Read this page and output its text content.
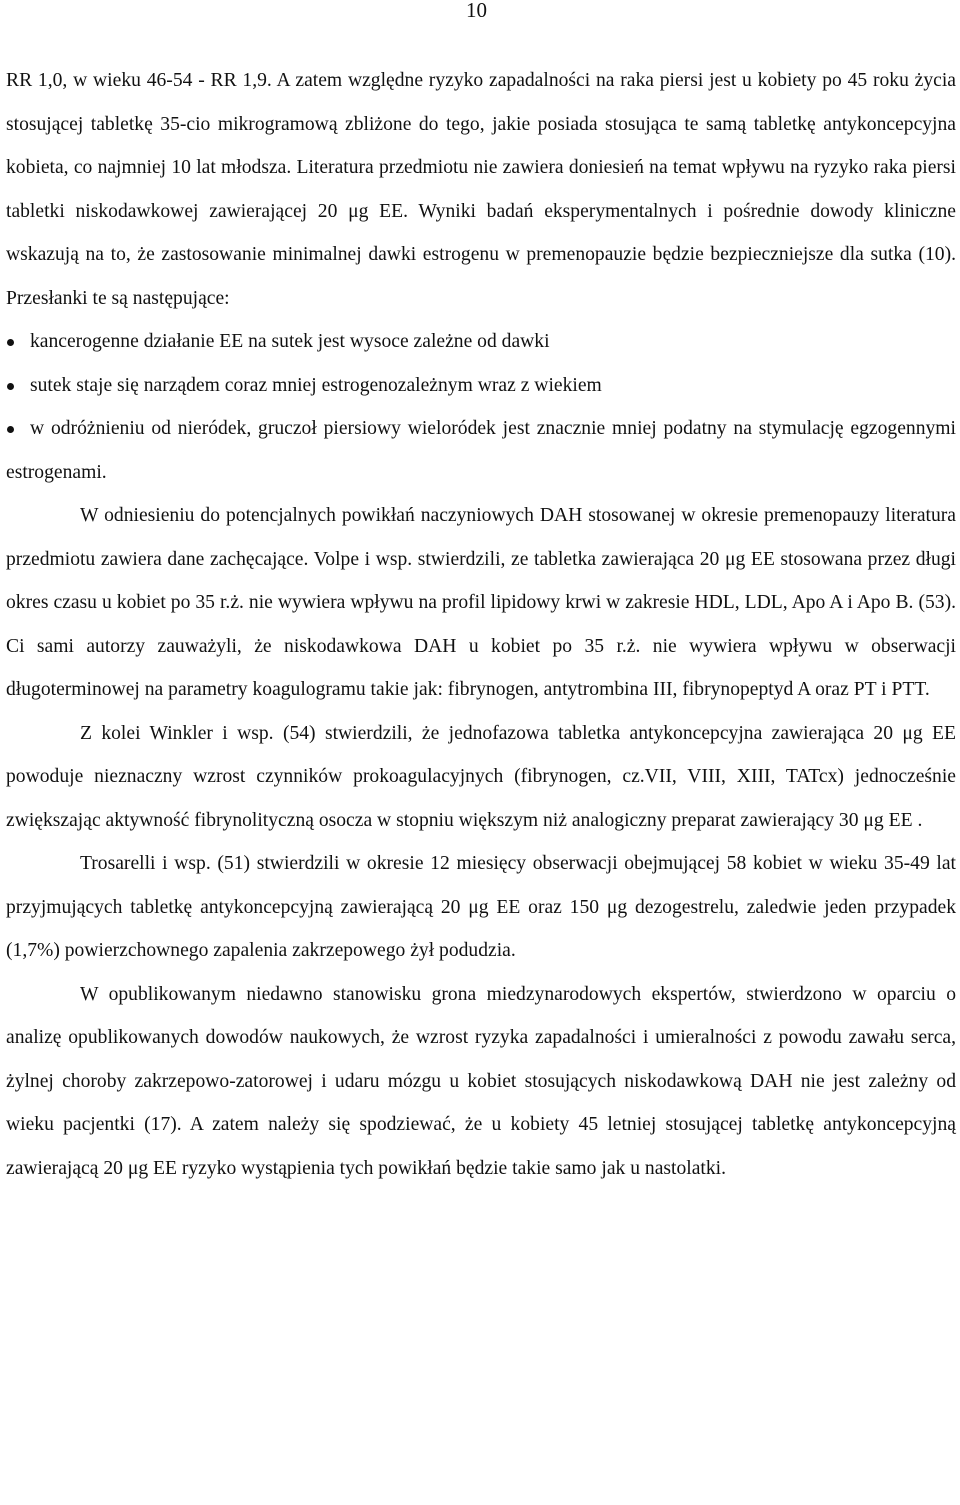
10

RR 1,0, w wieku 46-54 - RR 1,9. A zatem względne ryzyko zapadalności na raka piersi jest u kobiety po 45 roku życia stosującej tabletkę 35-cio mikrogramową zbliżone do tego, jakie posiada stosująca te samą tabletkę antykoncepcyjna kobieta, co najmniej 10 lat młodsza. Literatura przedmiotu nie zawiera doniesień na temat wpływu na ryzyko raka piersi tabletki niskodawkowej zawierającej 20 μg EE. Wyniki badań eksperymentalnych i pośrednie dowody kliniczne wskazują na to, że zastosowanie minimalnej dawki estrogenu w premenopauzie będzie bezpieczniejsze dla sutka (10). Przesłanki te są następujące:

kancerogenne działanie EE na sutek jest wysoce zależne od dawki
sutek staje się narządem coraz mniej estrogenozależnym wraz z wiekiem
w odróżnieniu od nieródek, gruczoł piersiowy wieloródek jest znacznie mniej podatny na stymulację egzogennymi estrogenami.

W odniesieniu do potencjalnych powikłań naczyniowych DAH stosowanej w okresie premenopauzy literatura przedmiotu zawiera dane zachęcające. Volpe i wsp. stwierdzili, ze tabletka zawierająca 20 μg EE stosowana przez długi okres czasu u kobiet po 35 r.ż. nie wywiera wpływu na profil lipidowy krwi w zakresie HDL, LDL, Apo A i Apo B. (53). Ci sami autorzy zauważyli, że niskodawkowa DAH u kobiet po 35 r.ż. nie wywiera wpływu w obserwacji długoterminowej na parametry koagulogramu takie jak: fibrynogen, antytrombina III, fibrynopeptyd A oraz PT i PTT.

Z kolei Winkler i wsp. (54) stwierdzili, że jednofazowa tabletka antykoncepcyjna zawierająca 20 μg EE powoduje nieznaczny wzrost czynników prokoagulacyjnych (fibrynogen, cz.VII, VIII, XIII, TATcx) jednocześnie zwiększając aktywność fibrynolityczną osocza w stopniu większym niż analogiczny preparat zawierający 30 μg EE .

Trosarelli i wsp. (51) stwierdzili w okresie 12 miesięcy obserwacji obejmującej 58 kobiet w wieku 35-49 lat przyjmujących tabletkę antykoncepcyjną zawierającą 20 μg EE oraz 150 μg dezogestrelu, zaledwie jeden przypadek (1,7%) powierzchownego zapalenia zakrzepowego żył podudzia.

W opublikowanym niedawno stanowisku grona miedzynarodowych ekspertów, stwierdzono w oparciu o analizę opublikowanych dowodów naukowych, że wzrost ryzyka zapadalności i umieralności z powodu zawału serca, żylnej choroby zakrzepowo-zatorowej i udaru mózgu u kobiet stosujących niskodawkową DAH nie jest zależny od wieku pacjentki (17). A zatem należy się spodziewać, że u kobiety 45 letniej stosującej tabletkę antykoncepcyjną zawierającą 20 μg EE ryzyko wystąpienia tych powikłań będzie takie samo jak u nastolatki.
